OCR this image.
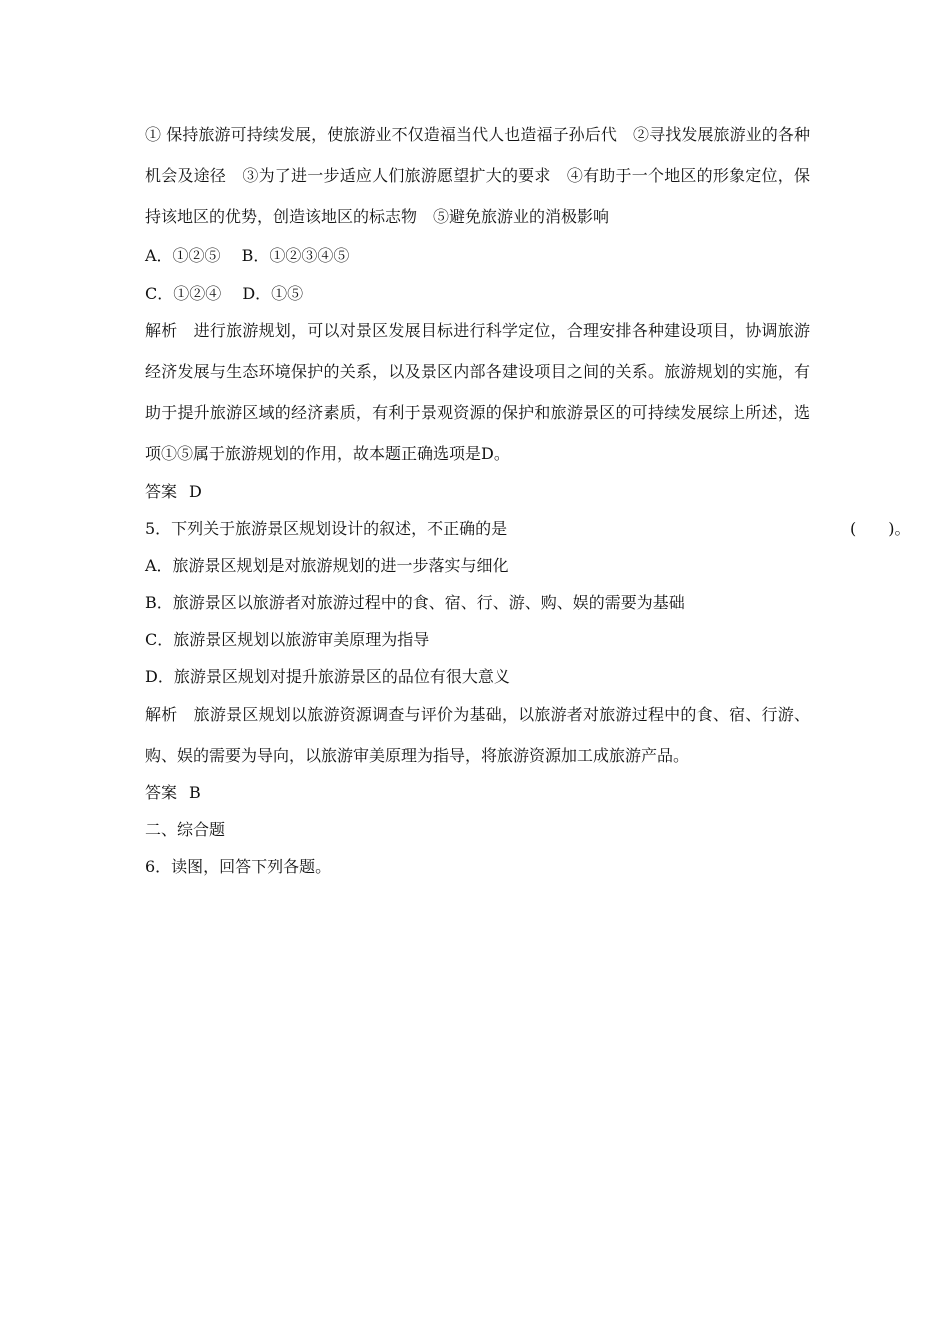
① 保持旅游可持续发展，使旅游业不仅造福当代人也造福子孙后代　②寻找发展旅游业的各种机会及途径　③为了进一步适应人们旅游愿望扩大的要求　④有助于一个地区的形象定位，保持该地区的优势，创造该地区的标志物　⑤避免旅游业的消极影响
A．①②⑤　 B．①②③④⑤
C．①②④　 D．①⑤
解析 进行旅游规划，可以对景区发展目标进行科学定位，合理安排各种建设项目，协调旅游经济发展与生态环境保护的关系，以及景区内部各建设项目之间的关系。旅游规划的实施，有助于提升旅游区域的经济素质，有利于景观资源的保护和旅游景区的可持续发展综上所述，选项①⑤属于旅游规划的作用，故本题正确选项是D。
答案 D
5．下列关于旅游景区规划设计的叙述，不正确的是	(　　)。
A．旅游景区规划是对旅游规划的进一步落实与细化
B．旅游景区以旅游者对旅游过程中的食、宿、行、游、购、娱的需要为基础
C．旅游景区规划以旅游审美原理为指导
D．旅游景区规划对提升旅游景区的品位有很大意义
解析 旅游景区规划以旅游资源调查与评价为基础，以旅游者对旅游过程中的食、宿、行游、购、娱的需要为导向，以旅游审美原理为指导，将旅游资源加工成旅游产品。
答案 B
二、综合题
6．读图，回答下列各题。
